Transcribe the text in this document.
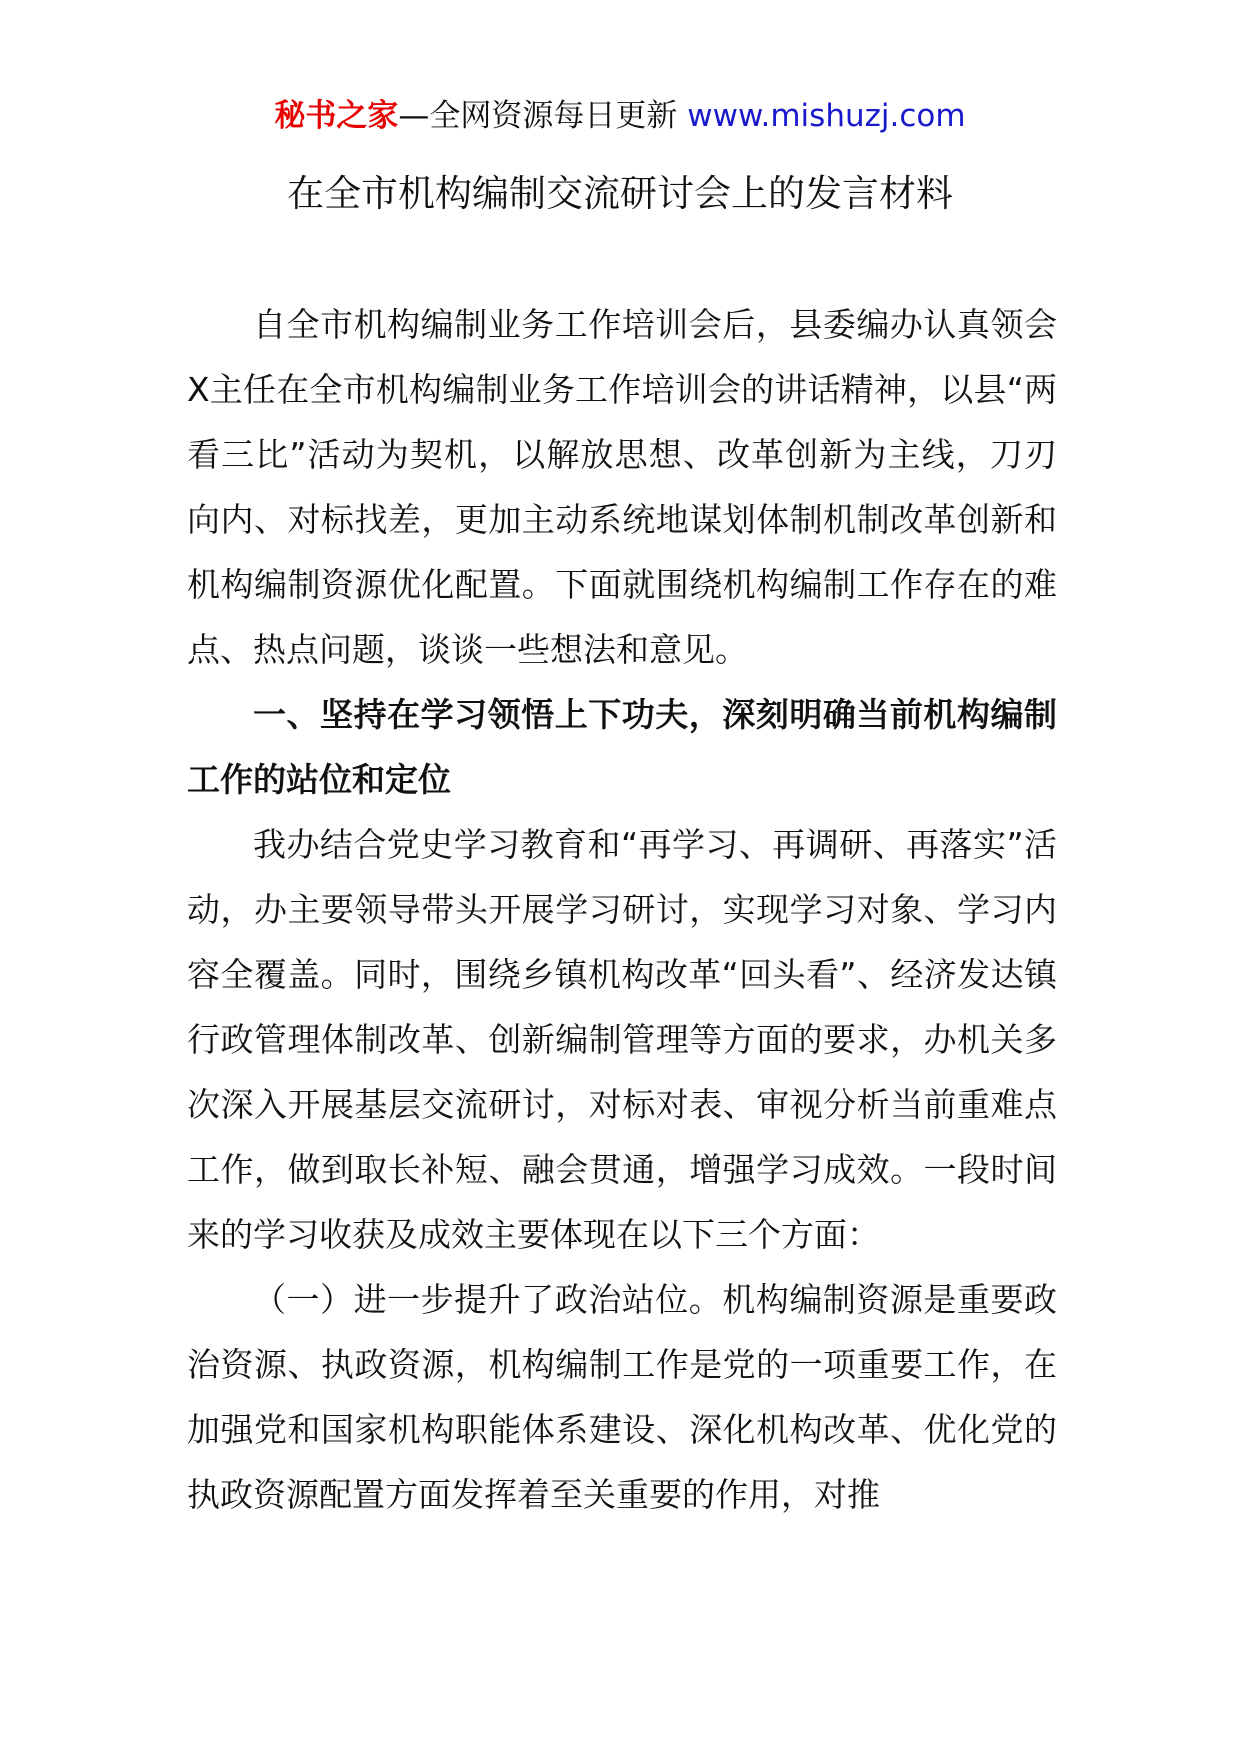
秘书之家—全网资源每日更新 www.mishuzj.com
在全市机构编制交流研讨会上的发言材料

自全市机构编制业务工作培训会后，县委编办认真领会X主任在全市机构编制业务工作培训会的讲话精神，以县“两看三比”活动为契机，以解放思想、改革创新为主线，刀刃向内、对标找差，更加主动系统地谋划体制机制改革创新和机构编制资源优化配置。下面就围绕机构编制工作存在的难点、热点问题，谈谈一些想法和意见。

一、坚持在学习领悟上下功夫，深刻明确当前机构编制工作的站位和定位

我办结合党史学习教育和“再学习、再调研、再落实”活动，办主要领导带头开展学习研讨，实现学习对象、学习内容全覆盖。同时，围绕乡镇机构改革“回头看”、经济发达镇行政管理体制改革、创新编制管理等方面的要求，办机关多次深入开展基层交流研讨，对标对表、审视分析当前重难点工作，做到取长补短、融会贯通，增强学习成效。一段时间来的学习收获及成效主要体现在以下三个方面：

（一）进一步提升了政治站位。机构编制资源是重要政治资源、执政资源，机构编制工作是党的一项重要工作，在加强党和国家机构职能体系建设、深化机构改革、优化党的执政资源配置方面发挥着至关重要的作用，对推
